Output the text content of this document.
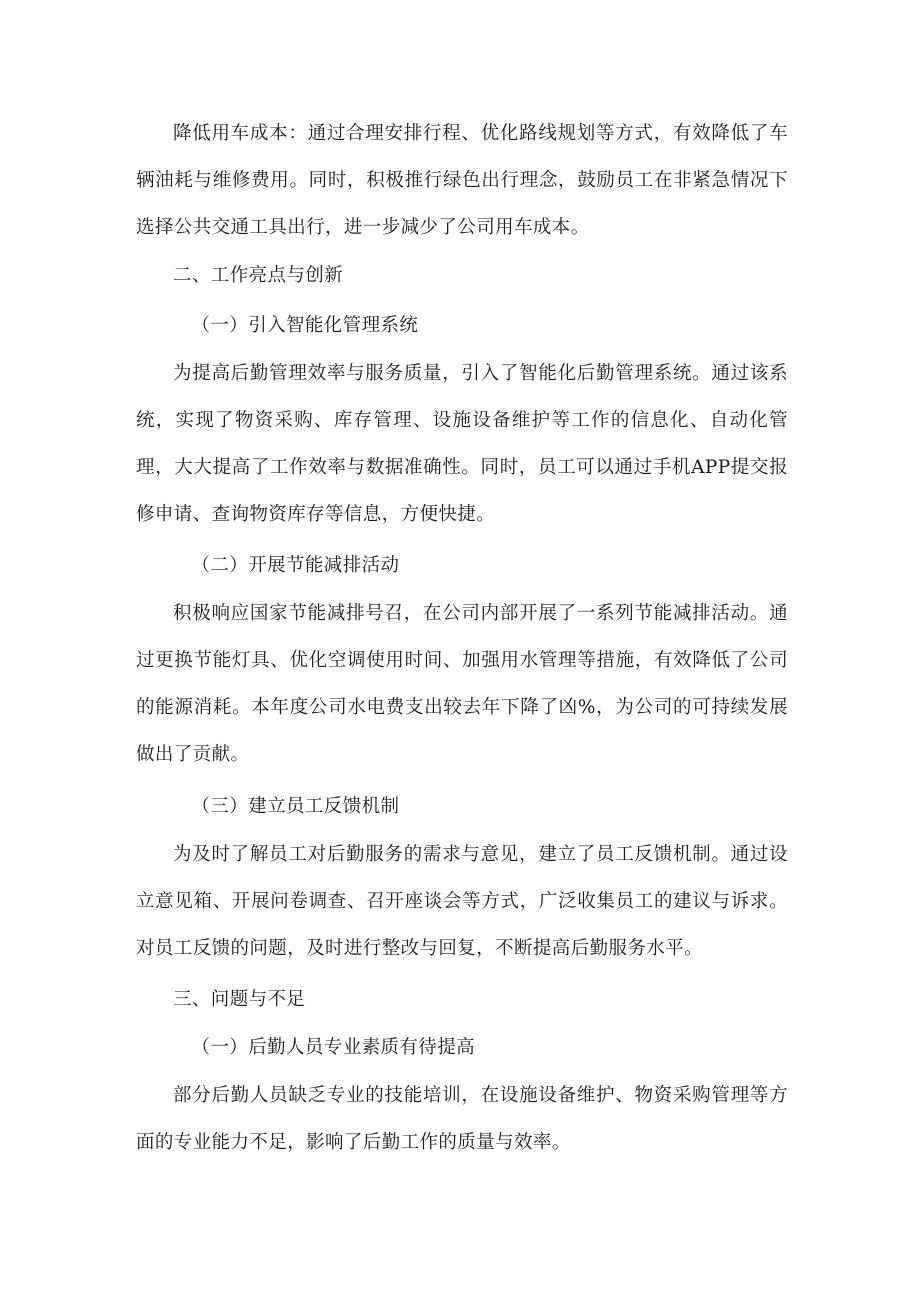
降低用车成本：通过合理安排行程、优化路线规划等方式，有效降低了车辆油耗与维修费用。同时，积极推行绿色出行理念，鼓励员工在非紧急情况下选择公共交通工具出行，进一步减少了公司用车成本。

二、工作亮点与创新

（一）引入智能化管理系统

为提高后勤管理效率与服务质量，引入了智能化后勤管理系统。通过该系统，实现了物资采购、库存管理、设施设备维护等工作的信息化、自动化管理，大大提高了工作效率与数据准确性。同时，员工可以通过手机APP提交报修申请、查询物资库存等信息，方便快捷。

（二）开展节能减排活动

积极响应国家节能减排号召，在公司内部开展了一系列节能减排活动。通过更换节能灯具、优化空调使用时间、加强用水管理等措施，有效降低了公司的能源消耗。本年度公司水电费支出较去年下降了凶%，为公司的可持续发展做出了贡献。

（三）建立员工反馈机制

为及时了解员工对后勤服务的需求与意见，建立了员工反馈机制。通过设立意见箱、开展问卷调查、召开座谈会等方式，广泛收集员工的建议与诉求。对员工反馈的问题，及时进行整改与回复，不断提高后勤服务水平。

三、问题与不足

（一）后勤人员专业素质有待提高

部分后勤人员缺乏专业的技能培训，在设施设备维护、物资采购管理等方面的专业能力不足，影响了后勤工作的质量与效率。
